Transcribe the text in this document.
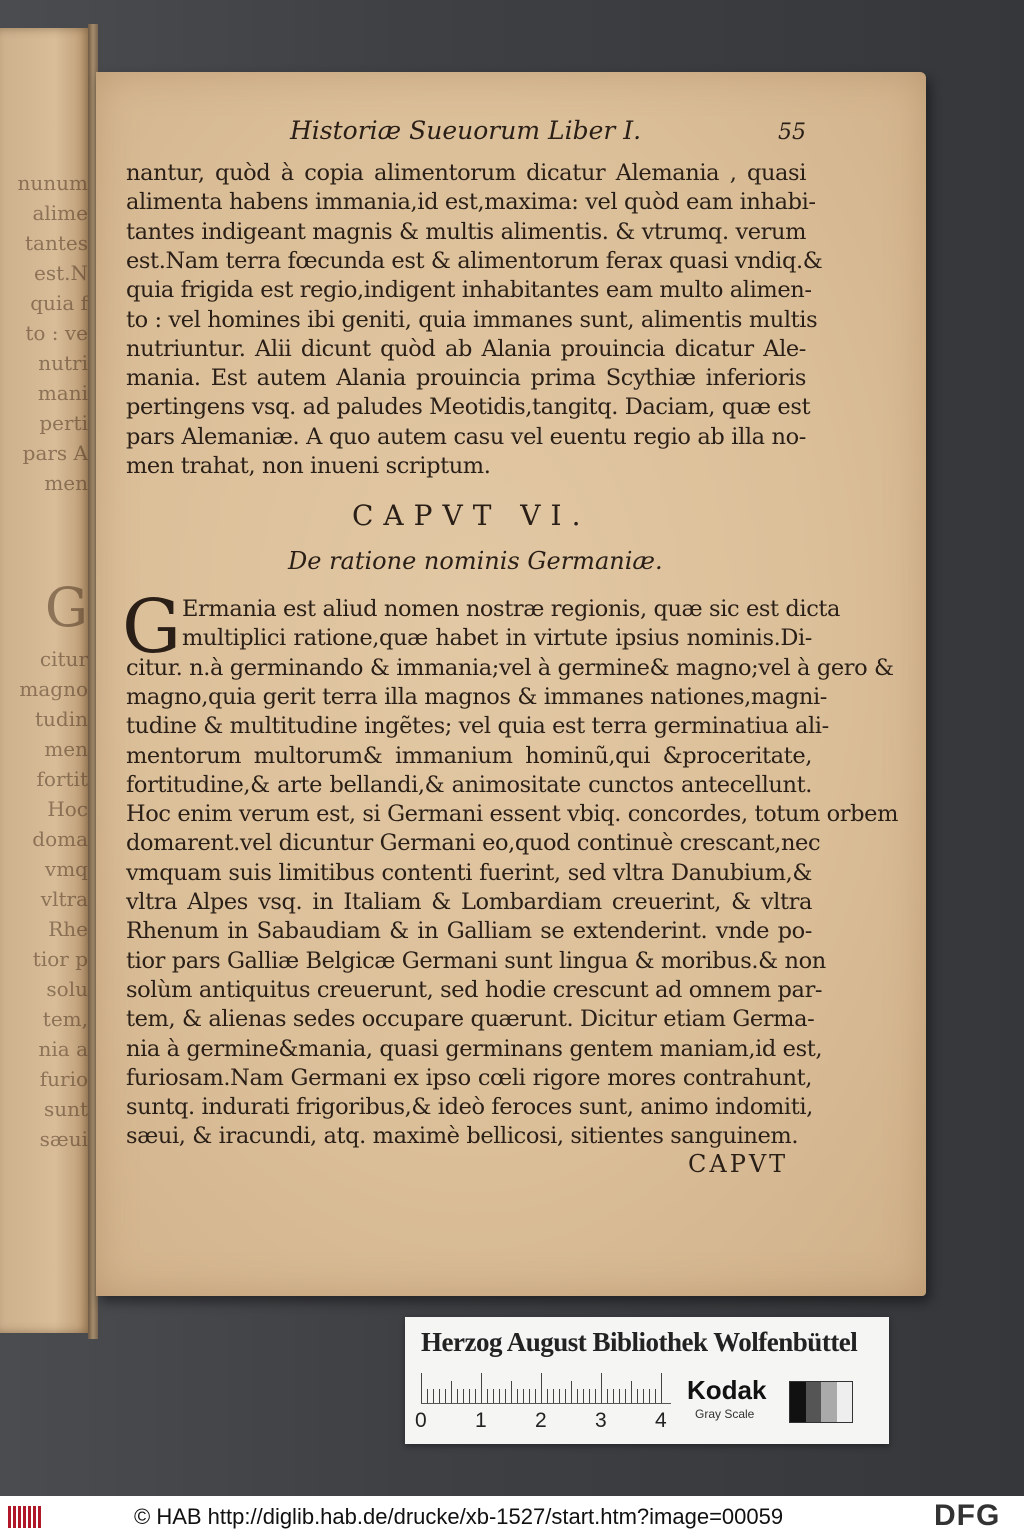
nunum
alime
tantes
est.N
quia f
to : ve
nutri
mani
perti
pars A
men
G
citur
magno
tudin
men
fortit
Hoc
doma
vmq
vltra
Rhe
tior p
solu
tem,
nia a
furio
sunt
sæui
Historiæ Sueuorum Liber I.	55
nantur, quòd à copia alimentorum dicatur Alemania , quasi
alimenta habens immania,id est,maxima: vel quòd eam inhabi-
tantes indigeant magnis & multis alimentis. & vtrumq. verum
est.Nam terra fœcunda est & alimentorum ferax quasi vndiq.&
quia frigida est regio,indigent inhabitantes eam multo alimen-
to : vel homines ibi geniti, quia immanes sunt, alimentis multis
nutriuntur. Alii dicunt quòd ab Alania prouincia dicatur Ale-
mania. Est autem Alania prouincia prima Scythiæ inferioris
pertingens vsq. ad paludes Meotidis,tangitq. Daciam, quæ est
pars Alemaniæ. A quo autem casu vel euentu regio ab illa no-
men trahat, non inueni scriptum.
CAPVT VI.
De ratione nominis Germaniæ.
G Ermania est aliud nomen nostræ regionis, quæ sic est dicta
multiplici ratione,quæ habet in virtute ipsius nominis.Di-
citur. n.à germinando & immania;vel à germine& magno;vel à gero &
magno,quia gerit terra illa magnos & immanes nationes,magni-
tudine & multitudine ingẽtes; vel quia est terra germinatiua ali-
mentorum multorum& immanium hominũ,qui &proceritate,
fortitudine,& arte bellandi,& animositate cunctos antecellunt.
Hoc enim verum est, si Germani essent vbiq. concordes, totum orbem
domarent.vel dicuntur Germani eo,quod continuè crescant,nec
vmquam suis limitibus contenti fuerint, sed vltra Danubium,&
vltra Alpes vsq. in Italiam & Lombardiam creuerint, & vltra
Rhenum in Sabaudiam & in Galliam se extenderint. vnde po-
tior pars Galliæ Belgicæ Germani sunt lingua & moribus.& non
solùm antiquitus creuerunt, sed hodie crescunt ad omnem par-
tem, & alienas sedes occupare quærunt. Dicitur etiam Germa-
nia à germine&mania, quasi germinans gentem maniam,id est,
furiosam.Nam Germani ex ipso cœli rigore mores contrahunt,
suntq. indurati frigoribus,& ideò feroces sunt, animo indomiti,
sæui, & iracundi, atq. maximè bellicosi, sitientes sanguinem.
CAPVT
Herzog August Bibliothek Wolfenbüttel
0 1 2 3 4
Kodak
Gray Scale
© HAB http://diglib.hab.de/drucke/xb-1527/start.htm?image=00059	DFG
